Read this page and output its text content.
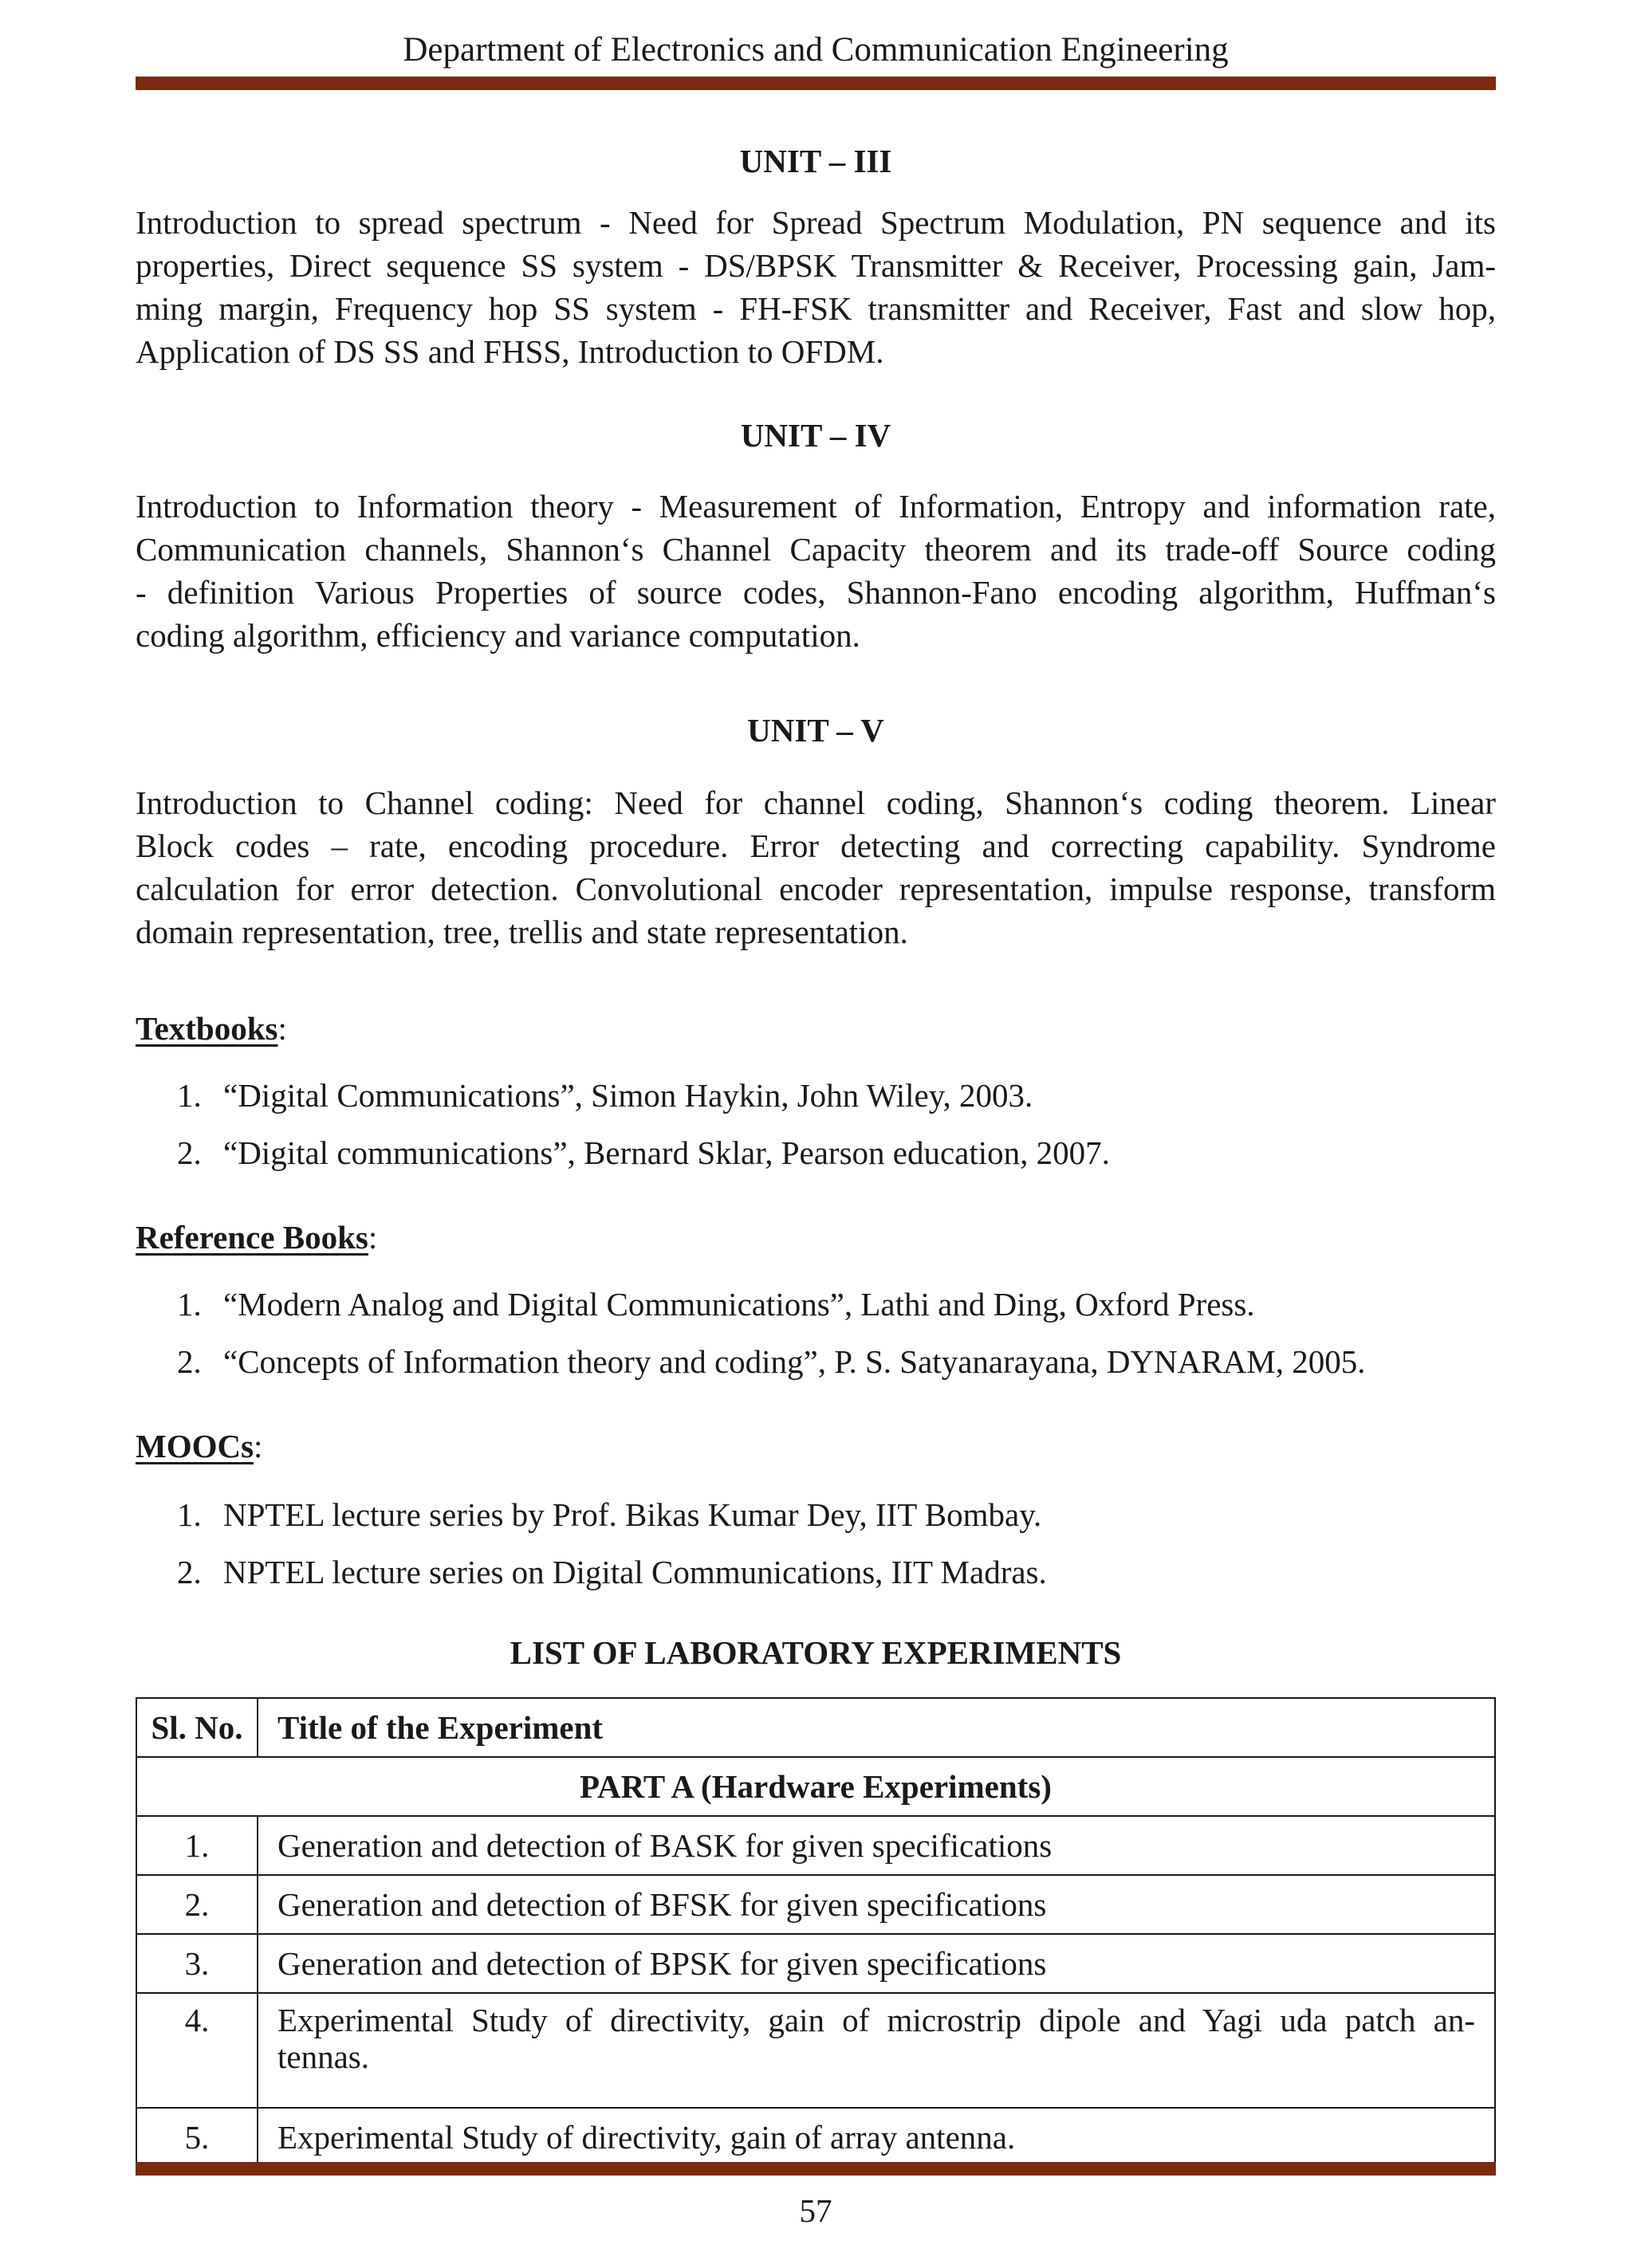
Department of Electronics and Communication Engineering
UNIT – III
Introduction to spread spectrum - Need for Spread Spectrum Modulation, PN sequence and its
properties, Direct sequence SS system - DS/BPSK Transmitter & Receiver, Processing gain, Jam-
ming margin, Frequency hop SS system - FH-FSK transmitter and Receiver, Fast and slow hop,
Application of DS SS and FHSS, Introduction to OFDM.
UNIT – IV
Introduction to Information theory - Measurement of Information, Entropy and information rate,
Communication channels, Shannon‘s Channel Capacity theorem and its trade-off Source coding
- definition Various Properties of source codes, Shannon-Fano encoding algorithm, Huffman‘s
coding algorithm, efficiency and variance computation.
UNIT – V
Introduction to Channel coding: Need for channel coding, Shannon‘s coding theorem. Linear
Block codes – rate, encoding procedure. Error detecting and correcting capability. Syndrome
calculation for error detection. Convolutional encoder representation, impulse response, transform
domain representation, tree, trellis and state representation.
Textbooks:
1. “Digital Communications”, Simon Haykin, John Wiley, 2003.
2. “Digital communications”, Bernard Sklar, Pearson education, 2007.
Reference Books:
1. “Modern Analog and Digital Communications”, Lathi and Ding, Oxford Press.
2. “Concepts of Information theory and coding”, P. S. Satyanarayana, DYNARAM, 2005.
MOOCs:
1. NPTEL lecture series by Prof. Bikas Kumar Dey, IIT Bombay.
2. NPTEL lecture series on Digital Communications, IIT Madras.
LIST OF LABORATORY EXPERIMENTS
Sl. No.	Title of the Experiment
PART A (Hardware Experiments)	
1.	Generation and detection of BASK for given specifications
2.	Generation and detection of BFSK for given specifications
3.	Generation and detection of BPSK for given specifications
4.	Experimental Study of directivity, gain of microstrip dipole and Yagi uda patch an-
tennas.

5.	Experimental Study of directivity, gain of array antenna.
57
